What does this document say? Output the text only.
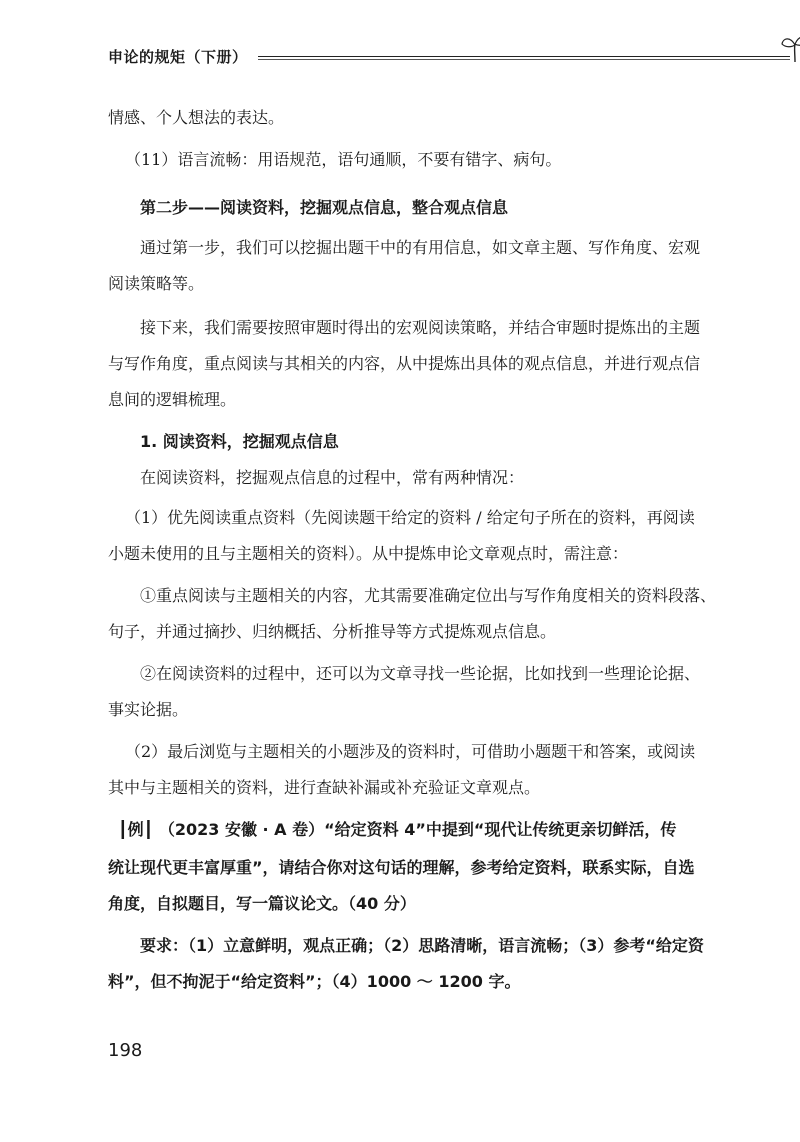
申论的规矩（下册）
情感、个人想法的表达。
（11）语言流畅：用语规范，语句通顺，不要有错字、病句。
第二步——阅读资料，挖掘观点信息，整合观点信息
通过第一步，我们可以挖掘出题干中的有用信息，如文章主题、写作角度、宏观
阅读策略等。
接下来，我们需要按照审题时得出的宏观阅读策略，并结合审题时提炼出的主题
与写作角度，重点阅读与其相关的内容，从中提炼出具体的观点信息，并进行观点信
息间的逻辑梳理。
1. 阅读资料，挖掘观点信息
在阅读资料，挖掘观点信息的过程中，常有两种情况：
（1）优先阅读重点资料（先阅读题干给定的资料 / 给定句子所在的资料，再阅读
小题未使用的且与主题相关的资料）。从中提炼申论文章观点时，需注意：
①重点阅读与主题相关的内容，尤其需要准确定位出与写作角度相关的资料段落、
句子，并通过摘抄、归纳概括、分析推导等方式提炼观点信息。
②在阅读资料的过程中，还可以为文章寻找一些论据，比如找到一些理论论据、
事实论据。
（2）最后浏览与主题相关的小题涉及的资料时，可借助小题题干和答案，或阅读
其中与主题相关的资料，进行查缺补漏或补充验证文章观点。
┃例┃ （2023 安徽 · A 卷）“给定资料 4”中提到“现代让传统更亲切鲜活，传
统让现代更丰富厚重”，请结合你对这句话的理解，参考给定资料，联系实际，自选
角度，自拟题目，写一篇议论文。（40 分）
要求：（1）立意鲜明，观点正确；（2）思路清晰，语言流畅；（3）参考“给定资
料”，但不拘泥于“给定资料”；（4）1000 ～ 1200 字。
198
